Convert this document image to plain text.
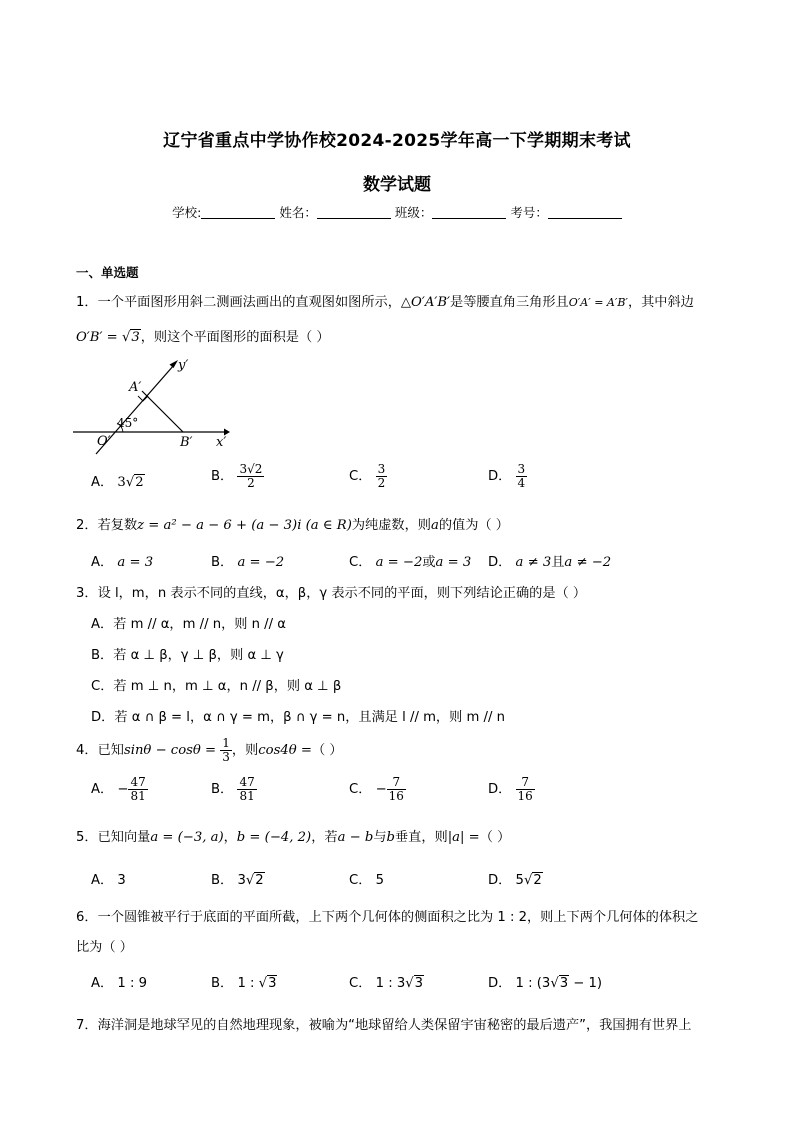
辽宁省重点中学协作校2024-2025学年高一下学期期末考试
数学试题
学校:	姓名：	班级：	考号：
一、单选题
1．一个平面图形用斜二测画法画出的直观图如图所示，△O′A′B′是等腰直角三角形且O′A′ = A′B′，其中斜边
O′B′ = √3，则这个平面图形的面积是（ ）
y′
A′
45°
O′	B′ x′
A． 3√2	B． $\frac{3√2}{2}$	C． $\frac{3}{2}$	D． $\frac{3}{4}$
2．若复数z = a² − a − 6 + (a − 3)i (a ∈ R)为纯虚数，则a的值为（ ）
A． a = 3	B． a = −2	C． a = −2或a = 3 D． a ≠ 3且a ≠ −2
3．设 l，m，n 表示不同的直线，α，β，γ 表示不同的平面，则下列结论正确的是（ ）
A．若 m // α，m // n，则 n // α
B．若 α ⊥ β，γ ⊥ β，则 α ⊥ γ
C．若 m ⊥ n，m ⊥ α，n // β，则 α ⊥ β
D．若 α ∩ β = l，α ∩ γ = m，β ∩ γ = n，且满足 l // m，则 m // n
4．已知$\sin\theta - \cos\theta = \frac{1}{3}$ ，则cos4θ =（ ）
A． − $\frac{47}{81}$	B． $\frac{47}{81}$	C． − $\frac{7}{16}$	D． $\frac{7}{16}$
5．已知向量a = (−3, a)，b = (−4, 2)，若a − b与b垂直，则|a| =（ ）
A． 3	B． 3√2	C． 5	D． 5√2
6．一个圆锥被平行于底面的平面所截，上下两个几何体的侧面积之比为 1 : 2，则上下两个几何体的体积之
比为（ ）
A． 1 : 9	B． 1 : √3	C． 1 : 3√3	D． 1 : (3√3 − 1)
7．海洋洞是地球罕见的自然地理现象，被喻为“地球留给人类保留宇宙秘密的最后遗产”，我国拥有世界上
